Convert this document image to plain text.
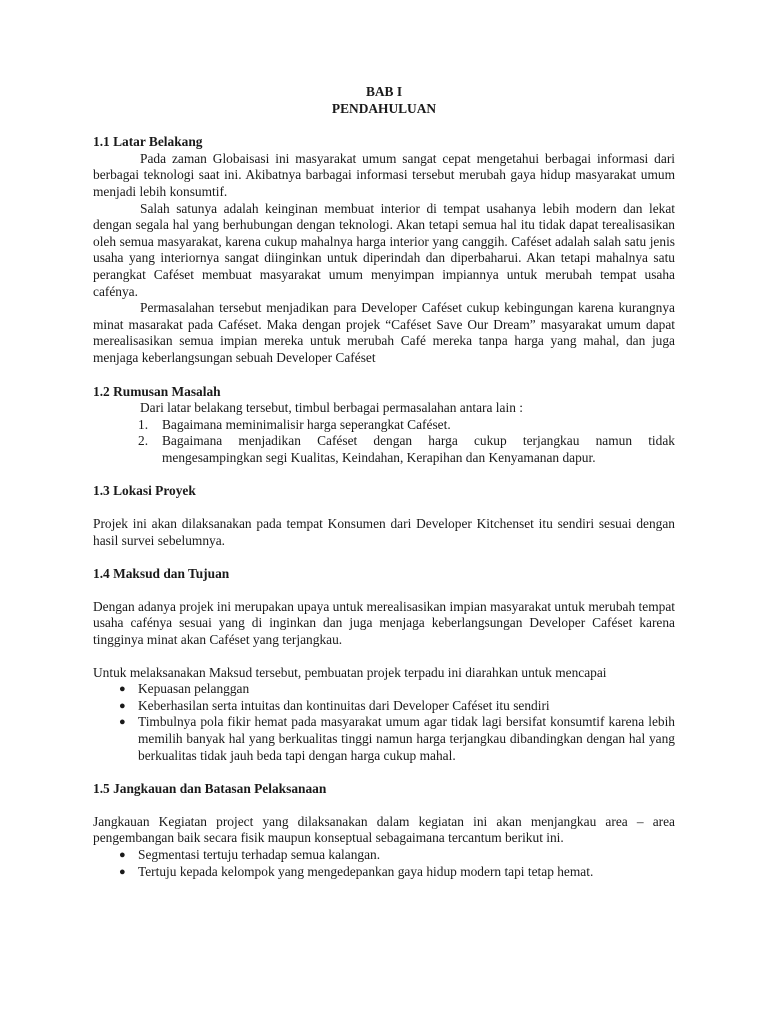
BAB I
PENDAHULUAN
1.1 Latar Belakang

Pada zaman Globaisasi ini masyarakat umum sangat cepat mengetahui berbagai informasi dari berbagai teknologi saat ini. Akibatnya barbagai informasi tersebut merubah gaya hidup masyarakat umum menjadi lebih konsumtif.

Salah satunya adalah keinginan membuat interior di tempat usahanya lebih modern dan lekat dengan segala hal yang berhubungan dengan teknologi. Akan tetapi semua hal itu tidak dapat terealisasikan oleh semua masyarakat, karena cukup mahalnya harga interior yang canggih. Caféset adalah salah satu jenis usaha yang interiornya sangat diinginkan untuk diperindah dan diperbaharui. Akan tetapi mahalnya satu perangkat Caféset membuat masyarakat umum menyimpan impiannya untuk merubah tempat usaha cafénya.

Permasalahan tersebut menjadikan para Developer Caféset cukup kebingungan karena kurangnya minat masarakat pada Caféset. Maka dengan projek “Caféset Save Our Dream” masyarakat umum dapat merealisasikan semua impian mereka untuk merubah Café mereka tanpa harga yang mahal, dan juga menjaga keberlangsungan sebuah Developer Caféset

1.2 Rumusan Masalah

Dari latar belakang tersebut, timbul berbagai permasalahan antara lain :

1. Bagaimana meminimalisir harga seperangkat Caféset.
2. Bagaimana menjadikan Caféset dengan harga cukup terjangkau namun tidak mengesampingkan segi Kualitas, Keindahan, Kerapihan dan Kenyamanan dapur.
1.3 Lokasi Proyek

Projek ini akan dilaksanakan pada tempat Konsumen dari Developer Kitchenset itu sendiri sesuai dengan hasil survei sebelumnya.

1.4 Maksud dan Tujuan

Dengan adanya projek ini merupakan upaya untuk merealisasikan impian masyarakat untuk merubah tempat usaha cafénya sesuai yang di inginkan dan juga menjaga keberlangsungan Developer Caféset karena tingginya minat akan Caféset yang terjangkau.

Untuk melaksanakan Maksud tersebut, pembuatan projek terpadu ini diarahkan untuk mencapai

● Kepuasan pelanggan
● Keberhasilan serta intuitas dan kontinuitas dari Developer Caféset itu sendiri
● Timbulnya pola fikir hemat pada masyarakat umum agar tidak lagi bersifat konsumtif karena lebih memilih banyak hal yang berkualitas tinggi namun harga terjangkau dibandingkan dengan hal yang berkualitas tidak jauh beda tapi dengan harga cukup mahal.
1.5 Jangkauan dan Batasan Pelaksanaan

Jangkauan Kegiatan project yang dilaksanakan dalam kegiatan ini akan menjangkau area – area pengembangan baik secara fisik maupun konseptual sebagaimana tercantum berikut ini.

● Segmentasi tertuju terhadap semua kalangan.
● Tertuju kepada kelompok yang mengedepankan gaya hidup modern tapi tetap hemat.
